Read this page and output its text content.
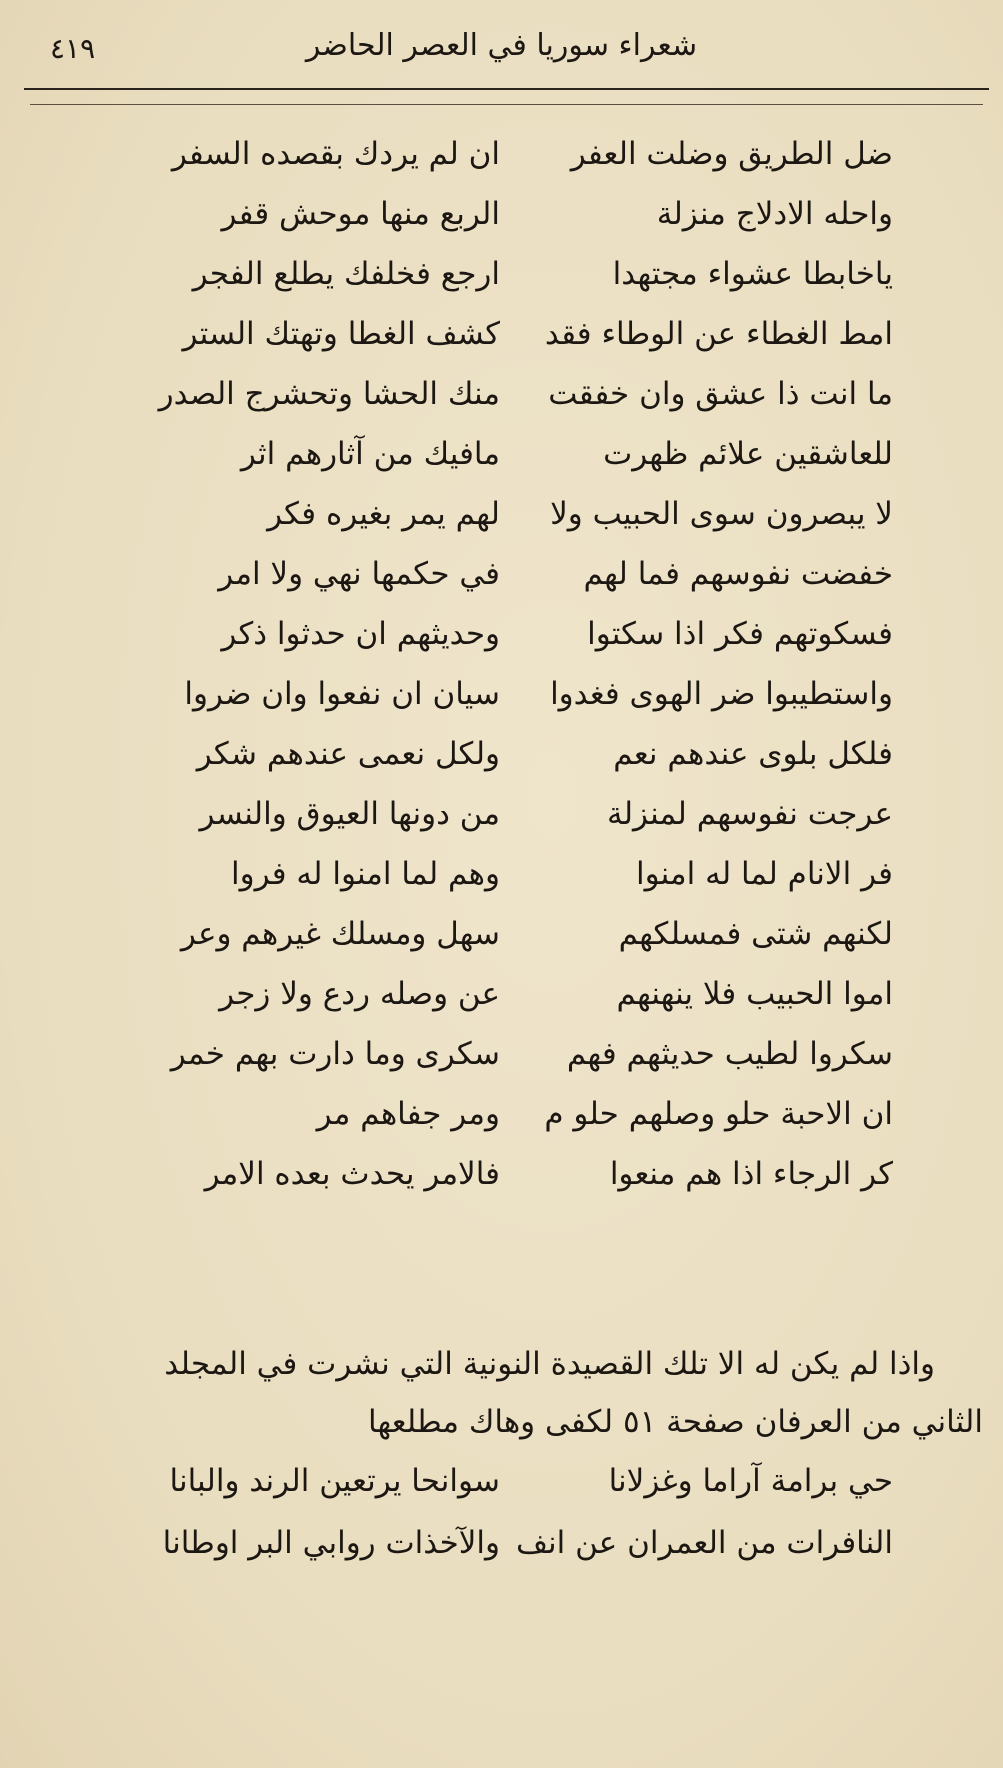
شعراء سوريا في العصر الحاضر
٤١٩
ضل الطريق وضلت العفر
ان لم يردك بقصده السفر
واحله الادلاج منزلة
الربع منها موحش قفر
ياخابطا عشواء مجتهدا
ارجع فخلفك يطلع الفجر
امط الغطاء عن الوطاء فقد
كشف الغطا وتهتك الستر
ما انت ذا عشق وان خفقت
منك الحشا وتحشرج الصدر
للعاشقين علائم ظهرت
مافيك من آثارهم اثر
لا يبصرون سوى الحبيب ولا
لهم يمر بغيره فكر
خفضت نفوسهم فما لهم
في حكمها نهي ولا امر
فسكوتهم فكر اذا سكتوا
وحديثهم ان حدثوا ذكر
واستطيبوا ضر الهوى فغدوا
سيان ان نفعوا وان ضروا
فلكل بلوى عندهم نعم
ولكل نعمى عندهم شكر
عرجت نفوسهم لمنزلة
من دونها العيوق والنسر
فر الانام لما له امنوا
وهم لما امنوا له فروا
لكنهم شتى فمسلكهم
سهل ومسلك غيرهم وعر
اموا الحبيب فلا ينهنهم
عن وصله ردع ولا زجر
سكروا لطيب حديثهم فهم
سكرى وما دارت بهم خمر
ان الاحبة حلو وصلهم حلو م
ومر جفاهم مر
كر الرجاء اذا هم منعوا
فالامر يحدث بعده الامر
واذا لم يكن له الا تلك القصيدة النونية التي نشرت في المجلد
الثاني من العرفان صفحة ٥١ لكفى وهاك مطلعها
حي برامة آراما وغزلانا
سوانحا يرتعين الرند والبانا
النافرات من العمران عن انف
والآخذات روابي البر اوطانا
